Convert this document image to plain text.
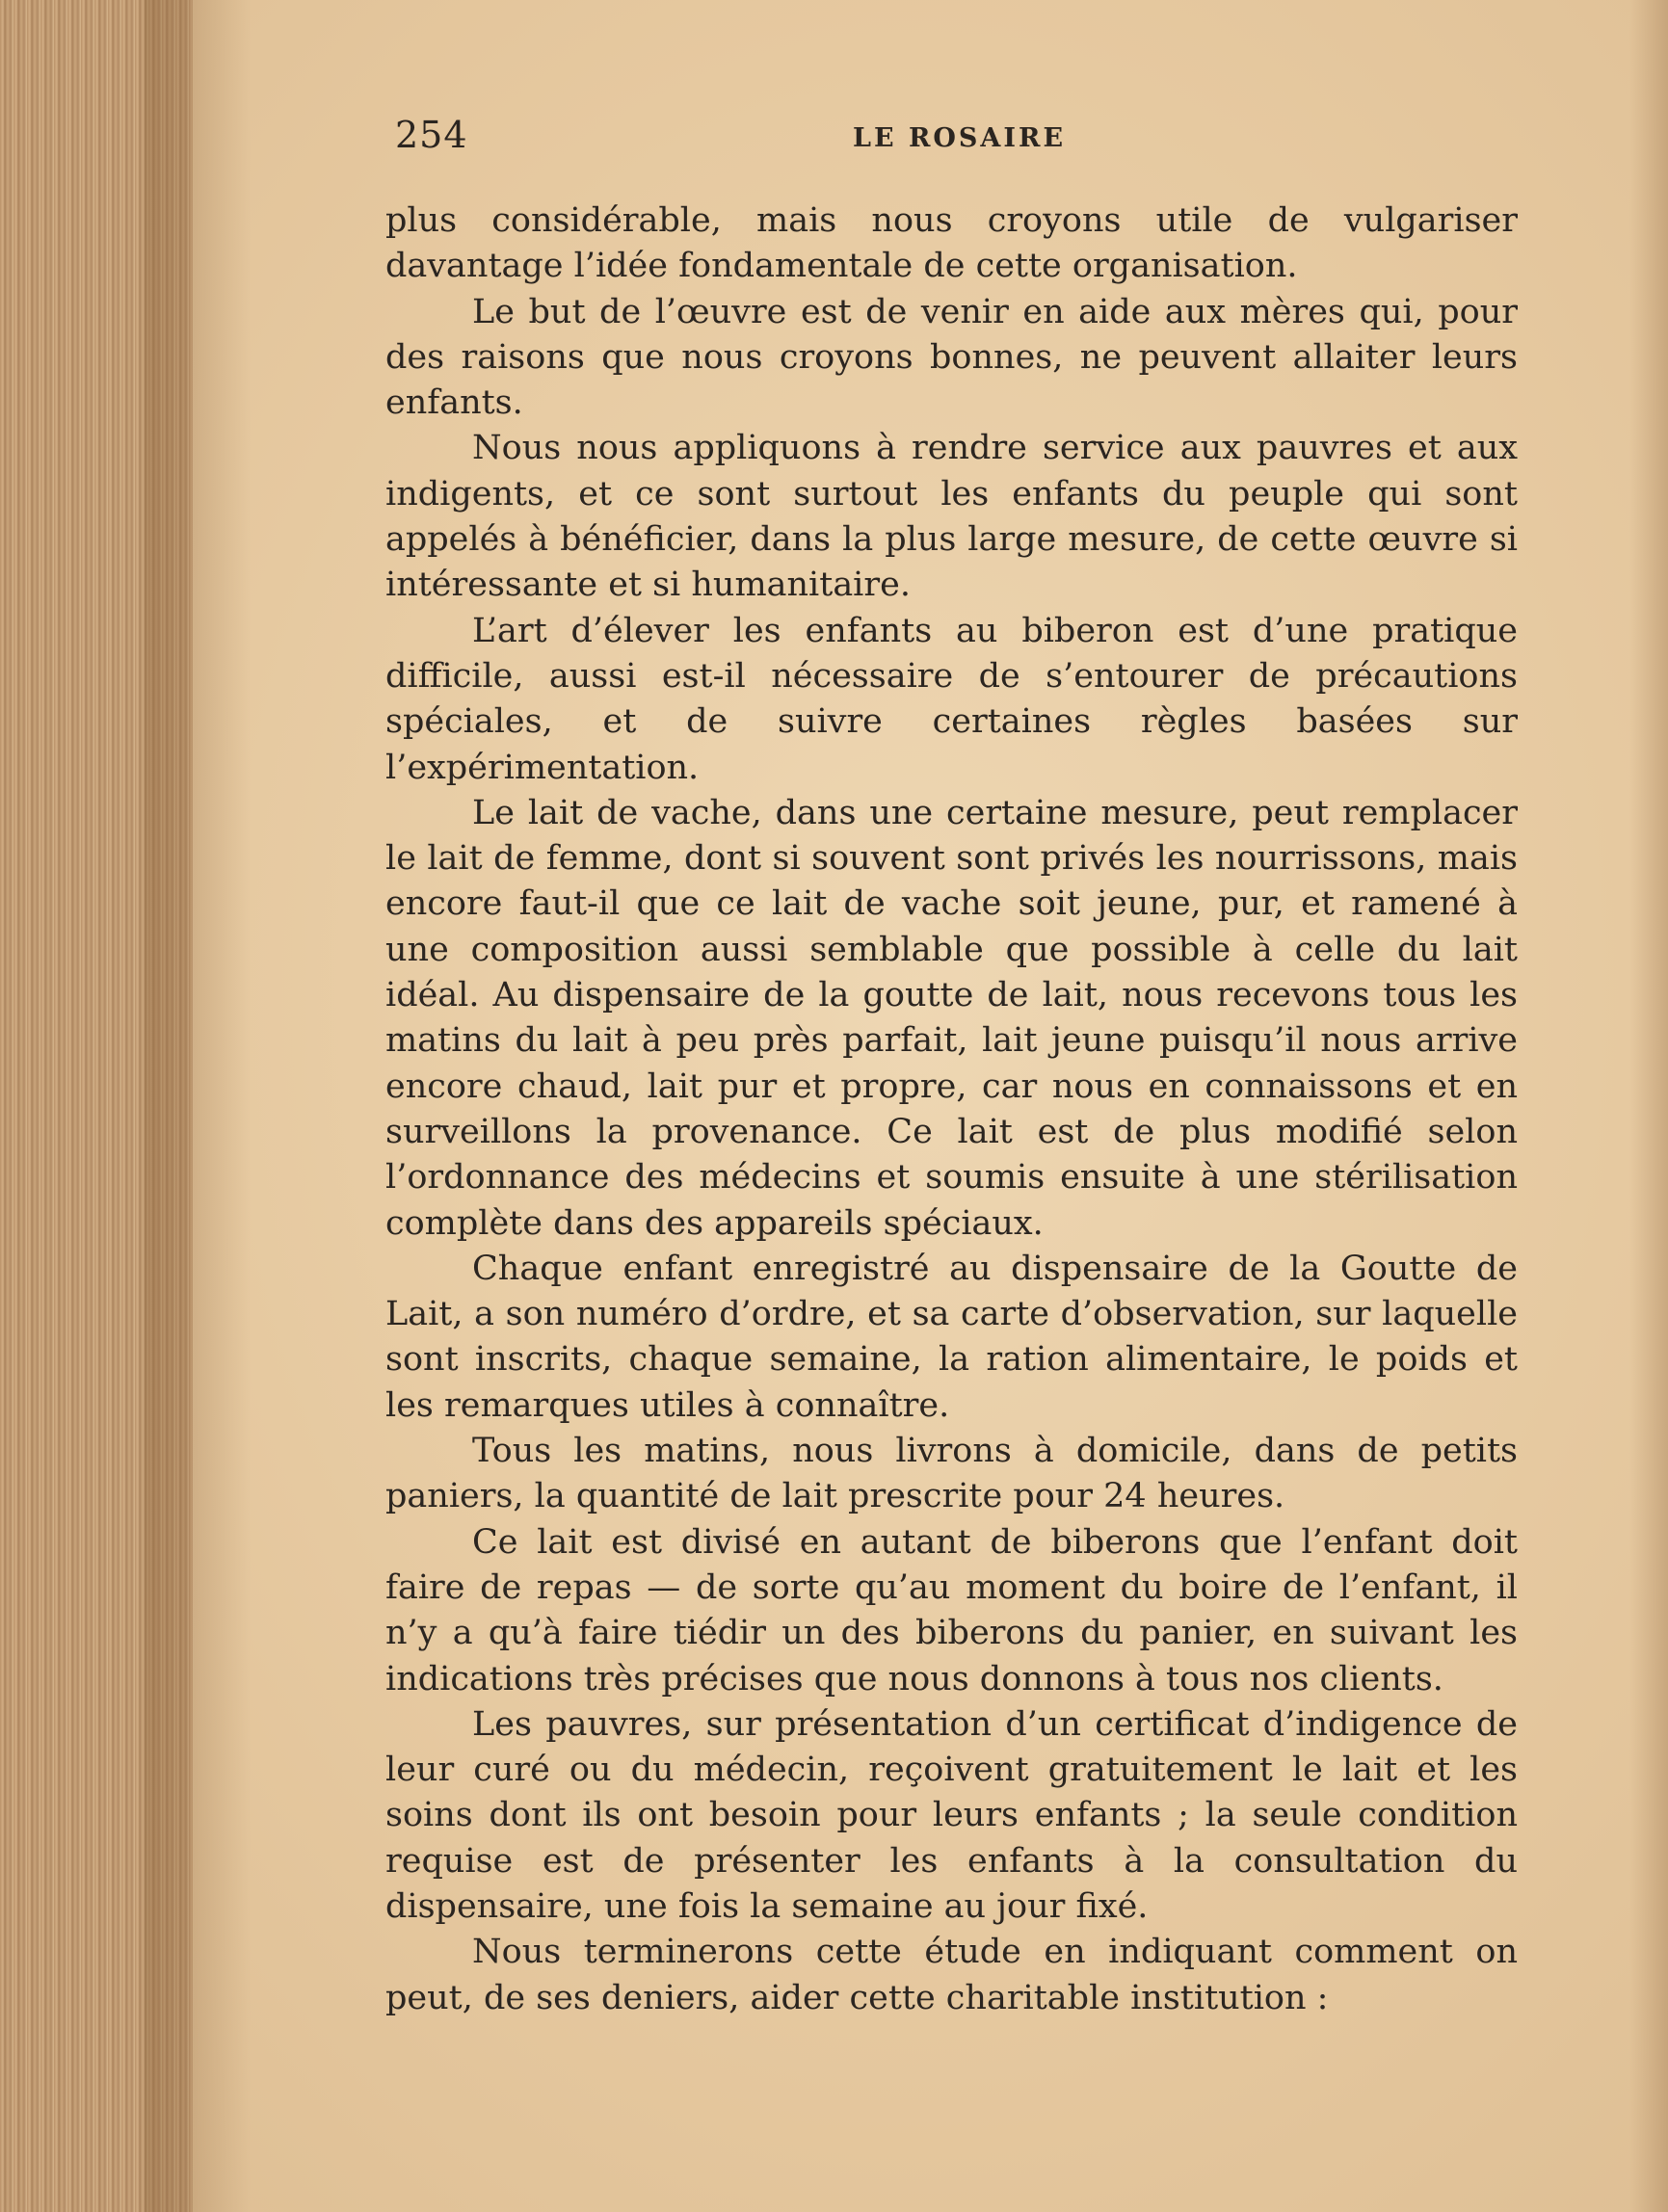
254	LE ROSAIRE

plus considérable, mais nous croyons utile de vulgariser davantage l’idée fondamentale de cette organisation.

Le but de l’œuvre est de venir en aide aux mères qui, pour des raisons que nous croyons bonnes, ne peuvent allaiter leurs enfants.

Nous nous appliquons à rendre service aux pauvres et aux indigents, et ce sont surtout les enfants du peuple qui sont appelés à bénéficier, dans la plus large mesure, de cette œuvre si intéressante et si humanitaire.

L’art d’élever les enfants au biberon est d’une pratique difficile, aussi est-il nécessaire de s’entourer de précautions spéciales, et de suivre certaines règles basées sur l’expérimentation.

Le lait de vache, dans une certaine mesure, peut remplacer le lait de femme, dont si souvent sont privés les nourrissons, mais encore faut-il que ce lait de vache soit jeune, pur, et ramené à une composition aussi semblable que possible à celle du lait idéal. Au dispensaire de la goutte de lait, nous recevons tous les matins du lait à peu près parfait, lait jeune puisqu’il nous arrive encore chaud, lait pur et propre, car nous en connaissons et en surveillons la provenance. Ce lait est de plus modifié selon l’ordonnance des médecins et soumis ensuite à une stérilisation complète dans des appareils spéciaux.

Chaque enfant enregistré au dispensaire de la Goutte de Lait, a son numéro d’ordre, et sa carte d’observation, sur laquelle sont inscrits, chaque semaine, la ration alimentaire, le poids et les remarques utiles à connaître.

Tous les matins, nous livrons à domicile, dans de petits paniers, la quantité de lait prescrite pour 24 heures.

Ce lait est divisé en autant de biberons que l’enfant doit faire de repas — de sorte qu’au moment du boire de l’enfant, il n’y a qu’à faire tiédir un des biberons du panier, en suivant les indications très précises que nous donnons à tous nos clients.

Les pauvres, sur présentation d’un certificat d’indigence de leur curé ou du médecin, reçoivent gratuitement le lait et les soins dont ils ont besoin pour leurs enfants ; la seule condition requise est de présenter les enfants à la consultation du dispensaire, une fois la semaine au jour fixé.

Nous terminerons cette étude en indiquant comment on peut, de ses deniers, aider cette charitable institution :
